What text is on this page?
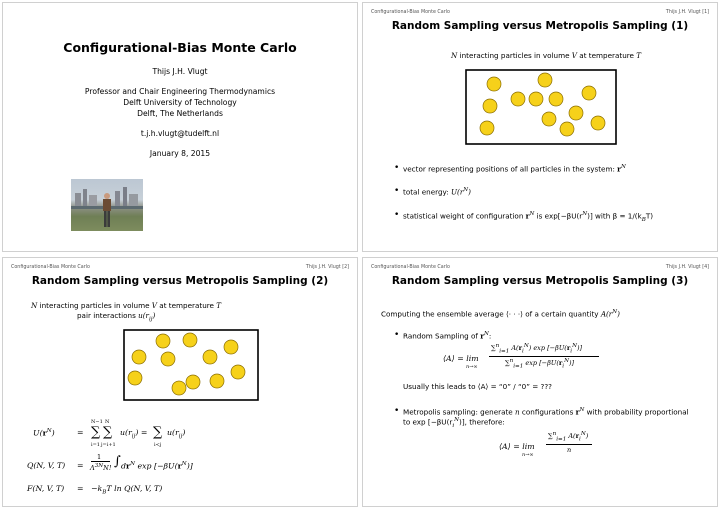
Configurational-Bias Monte Carlo
Thijs J.H. Vlugt
Professor and Chair Engineering Thermodynamics
Delft University of Technology
Delft, The Netherlands
t.j.h.vlugt@tudelft.nl
January 8, 2015
Configurational-Bias Monte Carlo	Thijs J.H. Vlugt [1]
Random Sampling versus Metropolis Sampling (1)
N interacting particles in volume V at temperature T
• vector representing positions of all particles in the system: $r^N$
• total energy: $U(r^N)$
• statistical weight of configuration $r^N$ is $\exp[-\beta U(r^N)]$ with $\beta = 1/(k_BT)$
Configurational-Bias Monte Carlo	Thijs J.H. Vlugt [2]
Random Sampling versus Metropolis Sampling (2)
N interacting particles in volume V at temperature T
pair interactions $u(r_{ij})$
$U(r^N)$	=
N−1
∑
i=1
N
∑
j=i+1
$u(r_{ij})$ = ∑
i<j
$u(r_{ij})$
Q(N, V, T) =
1
$\Lambda^{3N}N$! ∫ $dr^N$ $\exp [-\beta U(r^N)]$
F(N, V, $T) = -k_BT$ ln Q(N, V, T)
Configurational-Bias Monte Carlo	Thijs J.H. Vlugt [4]
Random Sampling versus Metropolis Sampling (3)
Computing the ensemble average ⟨· · ·⟩ of a certain quantity $A(r^N)$
• Random Sampling of $r^N$:
⟨A⟩ = lim
n→∞
∑$^n_{i=1}$ $A(r_i^N)$ $\exp [-\beta U(r_i^N)]$
∑$^n_{i=1}$ $\exp [-\beta U(r_i^N)]$
Usually this leads to ⟨A⟩ = “0” / “0” = ???
• Metropolis sampling: generate n configurations $r^N$ with probability proportional
to $\exp [-\beta U(r_i^N)]$, therefore:
⟨A⟩ = lim
n→∞
∑$^n_{i=1}$ $A(r_i^N)$
n
